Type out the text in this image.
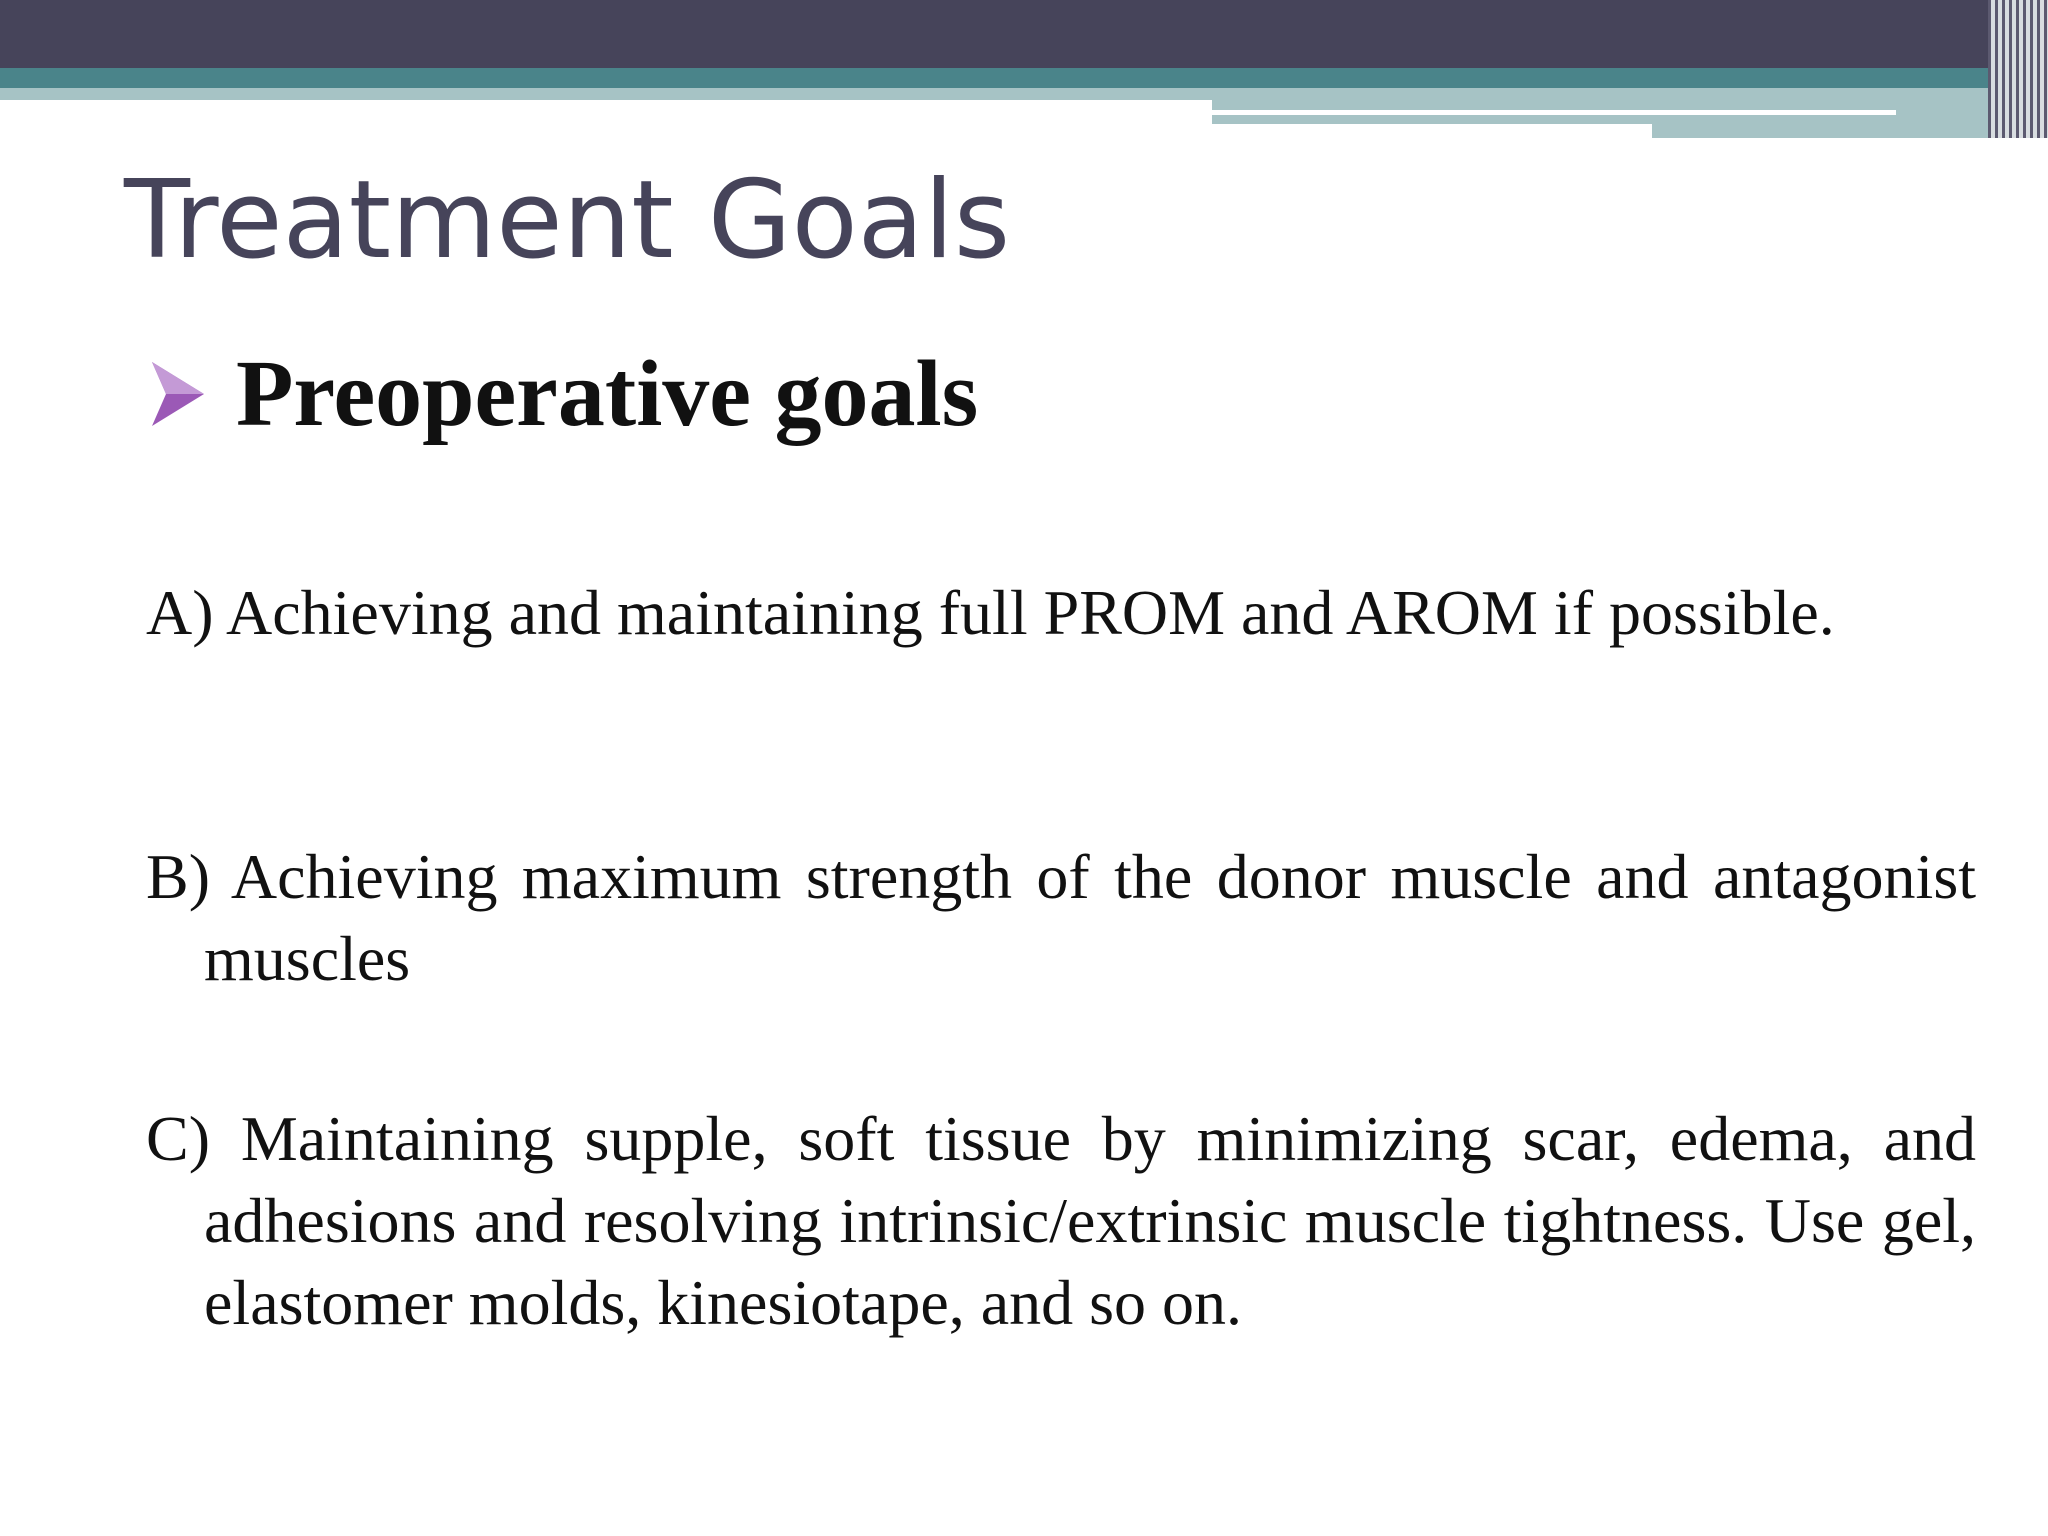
Treatment Goals
Preoperative goals
A) Achieving and maintaining full PROM and AROM if possible.
B) Achieving maximum strength of the donor muscle and antagonist muscles
C) Maintaining supple, soft tissue by minimizing scar, edema, and adhesions and resolving intrinsic/extrinsic muscle tightness. Use gel, elastomer molds, kinesiotape, and so on.
